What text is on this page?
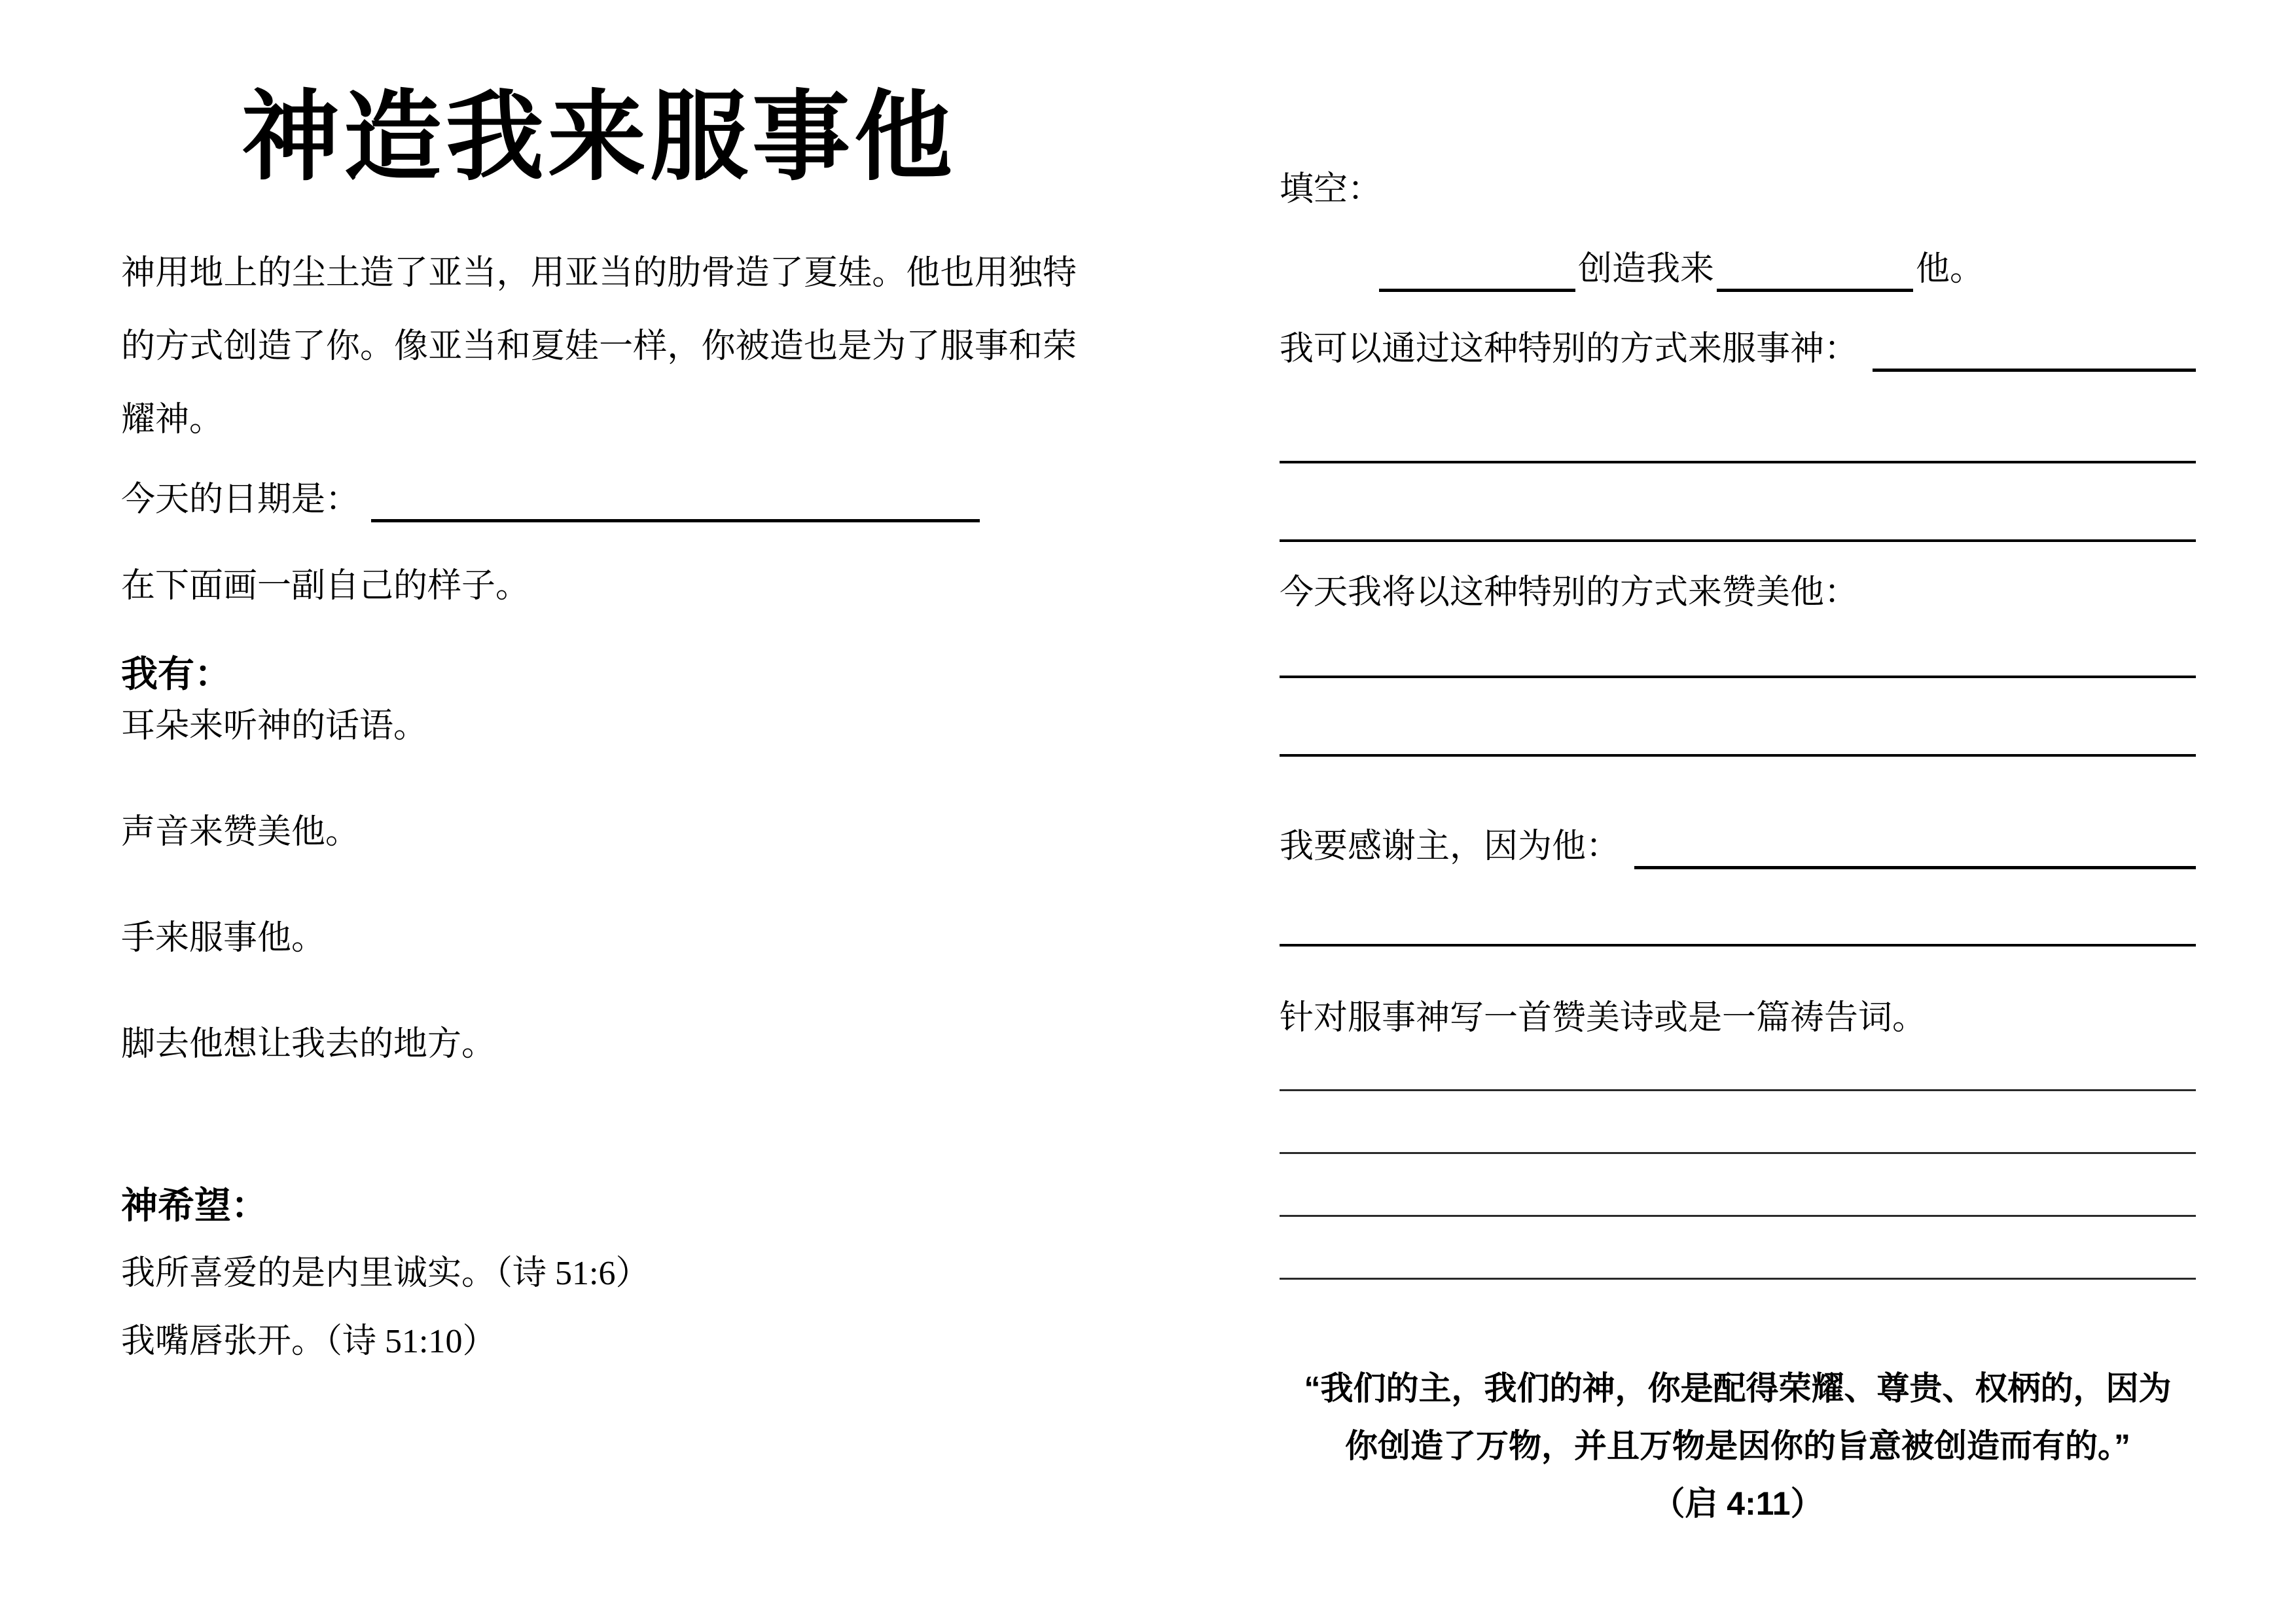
神造我来服事他
神用地上的尘土造了亚当，用亚当的肋骨造了夏娃。他也用独特
的方式创造了你。像亚当和夏娃一样，你被造也是为了服事和荣
耀神。
今天的日期是：
在下面画一副自己的样子。
我有：
耳朵来听神的话语。
声音来赞美他。
手来服事他。
脚去他想让我去的地方。
神希望：
我所喜爱的是内里诚实。（诗 51:6）
我嘴唇张开。（诗 51:10）
填空：
创造我来	他。
我可以通过这种特别的方式来服事神：
今天我将以这种特别的方式来赞美他：
我要感谢主，因为他：
针对服事神写一首赞美诗或是一篇祷告词。
“我们的主，我们的神，你是配得荣耀、尊贵、权柄的，因为
你创造了万物，并且万物是因你的旨意被创造而有的。”
（启 4:11）
